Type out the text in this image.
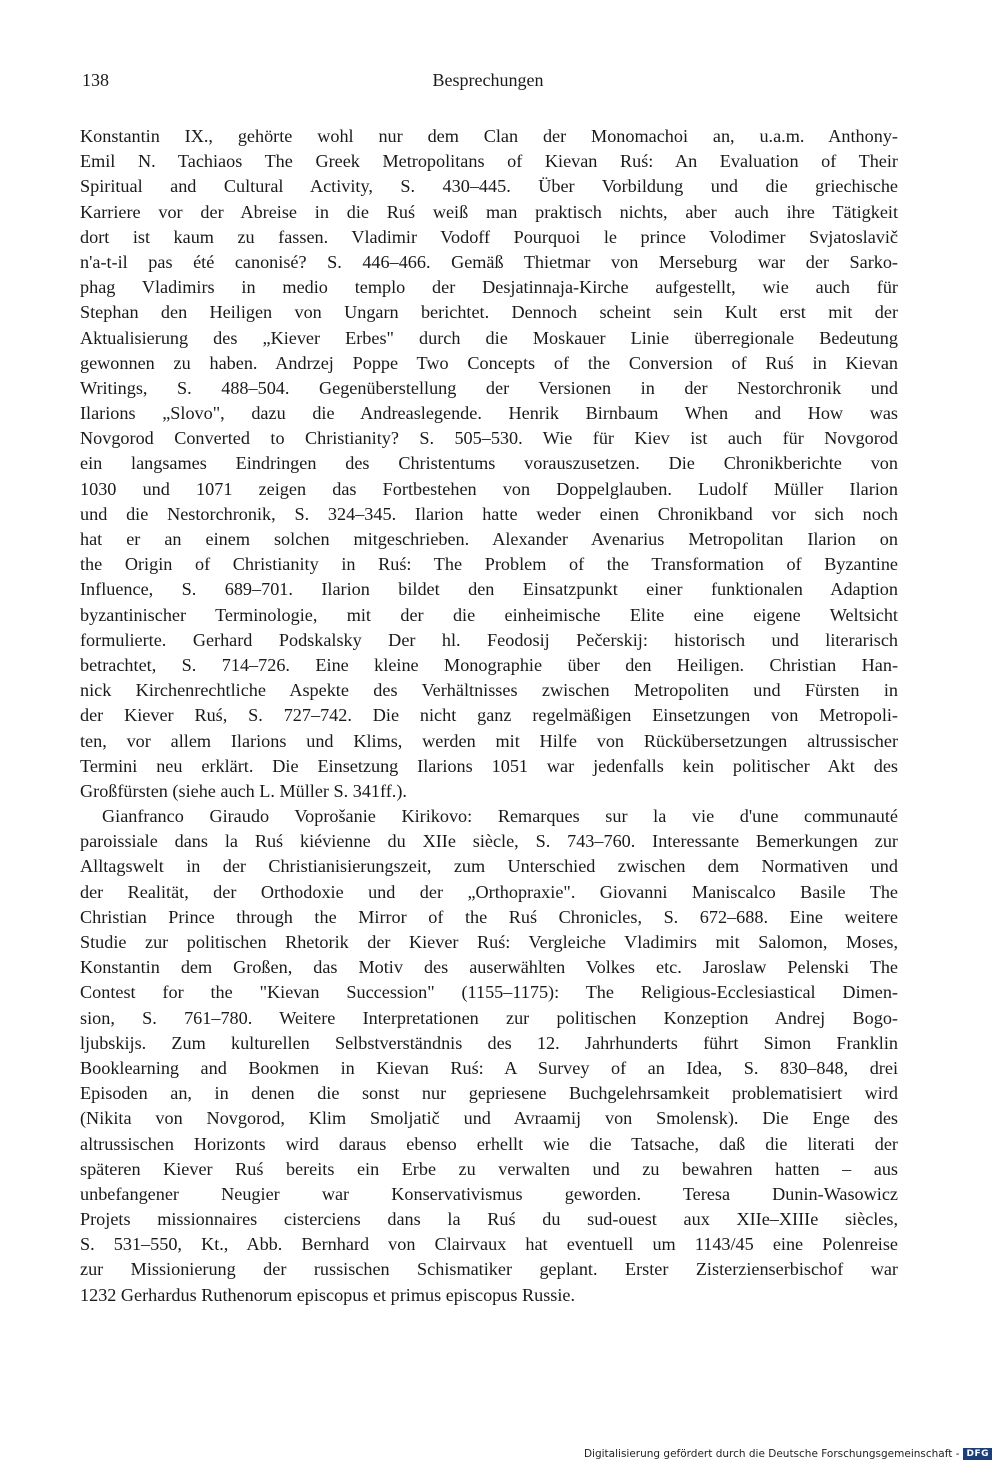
138	Besprechungen
Konstantin IX., gehörte wohl nur dem Clan der Monomachoi an, u.a.m. Anthony-
Emil N. Tachiaos The Greek Metropolitans of Kievan Ruś: An Evaluation of Their
Spiritual and Cultural Activity, S. 430–445. Über Vorbildung und die griechische
Karriere vor der Abreise in die Ruś weiß man praktisch nichts, aber auch ihre Tätigkeit
dort ist kaum zu fassen. Vladimir Vodoff Pourquoi le prince Volodimer Svjatoslavič
n'a-t-il pas été canonisé? S. 446–466. Gemäß Thietmar von Merseburg war der Sarko-
phag Vladimirs in medio templo der Desjatinnaja-Kirche aufgestellt, wie auch für
Stephan den Heiligen von Ungarn berichtet. Dennoch scheint sein Kult erst mit der
Aktualisierung des „Kiever Erbes" durch die Moskauer Linie überregionale Bedeutung
gewonnen zu haben. Andrzej Poppe Two Concepts of the Conversion of Ruś in Kievan
Writings, S. 488–504. Gegenüberstellung der Versionen in der Nestorchronik und
Ilarions „Slovo", dazu die Andreaslegende. Henrik Birnbaum When and How was
Novgorod Converted to Christianity? S. 505–530. Wie für Kiev ist auch für Novgorod
ein langsames Eindringen des Christentums vorauszusetzen. Die Chronikberichte von
1030 und 1071 zeigen das Fortbestehen von Doppelglauben. Ludolf Müller Ilarion
und die Nestorchronik, S. 324–345. Ilarion hatte weder einen Chronikband vor sich noch
hat er an einem solchen mitgeschrieben. Alexander Avenarius Metropolitan Ilarion on
the Origin of Christianity in Ruś: The Problem of the Transformation of Byzantine
Influence, S. 689–701. Ilarion bildet den Einsatzpunkt einer funktionalen Adaption
byzantinischer Terminologie, mit der die einheimische Elite eine eigene Weltsicht
formulierte. Gerhard Podskalsky Der hl. Feodosij Pečerskij: historisch und literarisch
betrachtet, S. 714–726. Eine kleine Monographie über den Heiligen. Christian Han-
nick Kirchenrechtliche Aspekte des Verhältnisses zwischen Metropoliten und Fürsten in
der Kiever Ruś, S. 727–742. Die nicht ganz regelmäßigen Einsetzungen von Metropoli-
ten, vor allem Ilarions und Klims, werden mit Hilfe von Rückübersetzungen altrussischer
Termini neu erklärt. Die Einsetzung Ilarions 1051 war jedenfalls kein politischer Akt des
Großfürsten (siehe auch L. Müller S. 341ff.).
Gianfranco Giraudo Voprošanie Kirikovo: Remarques sur la vie d'une communauté
paroissiale dans la Ruś kiévienne du XIIe siècle, S. 743–760. Interessante Bemerkungen zur
Alltagswelt in der Christianisierungszeit, zum Unterschied zwischen dem Normativen und
der Realität, der Orthodoxie und der „Orthopraxie". Giovanni Maniscalco Basile The
Christian Prince through the Mirror of the Ruś Chronicles, S. 672–688. Eine weitere
Studie zur politischen Rhetorik der Kiever Ruś: Vergleiche Vladimirs mit Salomon, Moses,
Konstantin dem Großen, das Motiv des auserwählten Volkes etc. Jaroslaw Pelenski The
Contest for the "Kievan Succession" (1155–1175): The Religious-Ecclesiastical Dimen-
sion, S. 761–780. Weitere Interpretationen zur politischen Konzeption Andrej Bogo-
ljubskijs. Zum kulturellen Selbstverständnis des 12. Jahrhunderts führt Simon Franklin
Booklearning and Bookmen in Kievan Ruś: A Survey of an Idea, S. 830–848, drei
Episoden an, in denen die sonst nur gepriesene Buchgelehrsamkeit problematisiert wird
(Nikita von Novgorod, Klim Smoljatič und Avraamij von Smolensk). Die Enge des
altrussischen Horizonts wird daraus ebenso erhellt wie die Tatsache, daß die literati der
späteren Kiever Ruś bereits ein Erbe zu verwalten und zu bewahren hatten – aus
unbefangener Neugier war Konservativismus geworden. Teresa Dunin-Wasowicz
Projets missionnaires cisterciens dans la Ruś du sud-ouest aux XIIe–XIIIe siècles,
S. 531–550, Kt., Abb. Bernhard von Clairvaux hat eventuell um 1143/45 eine Polenreise
zur Missionierung der russischen Schismatiker geplant. Erster Zisterzienserbischof war
1232 Gerhardus Ruthenorum episcopus et primus episcopus Russie.
Digitalisierung gefördert durch die Deutsche Forschungsgemeinschaft - DFG
